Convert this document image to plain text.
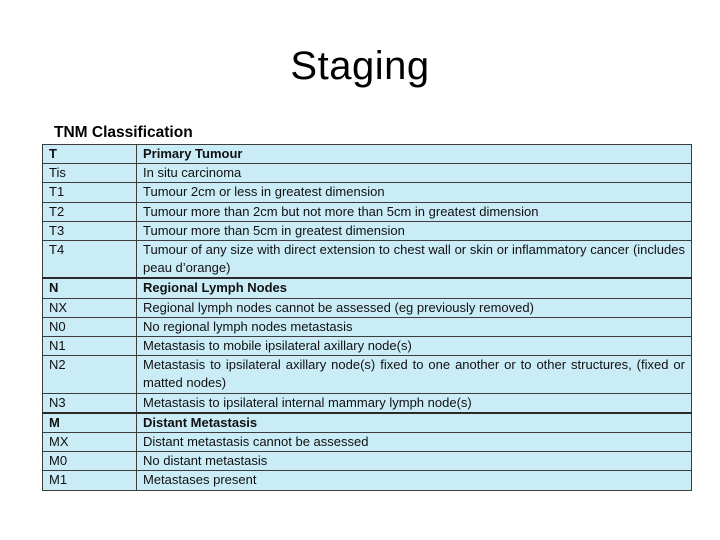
Staging
TNM Classification
T	Primary Tumour
Tis	In situ carcinoma
T1	Tumour 2cm or less in greatest dimension
T2	Tumour more than 2cm but not more than 5cm in greatest dimension
T3	Tumour more than 5cm in greatest dimension
T4	Tumour of any size with direct extension to chest wall or skin or inflammatory cancer (includes peau d’orange)
N	Regional Lymph Nodes
NX	Regional lymph nodes cannot be assessed (eg previously removed)
N0	No regional lymph nodes metastasis
N1	Metastasis to mobile ipsilateral axillary node(s)
N2	Metastasis to ipsilateral axillary node(s) fixed to one another or to other structures, (fixed or matted nodes)
N3	Metastasis to ipsilateral internal mammary lymph node(s)
M	Distant Metastasis
MX	Distant metastasis cannot be assessed
M0	No distant metastasis
M1	Metastases present
